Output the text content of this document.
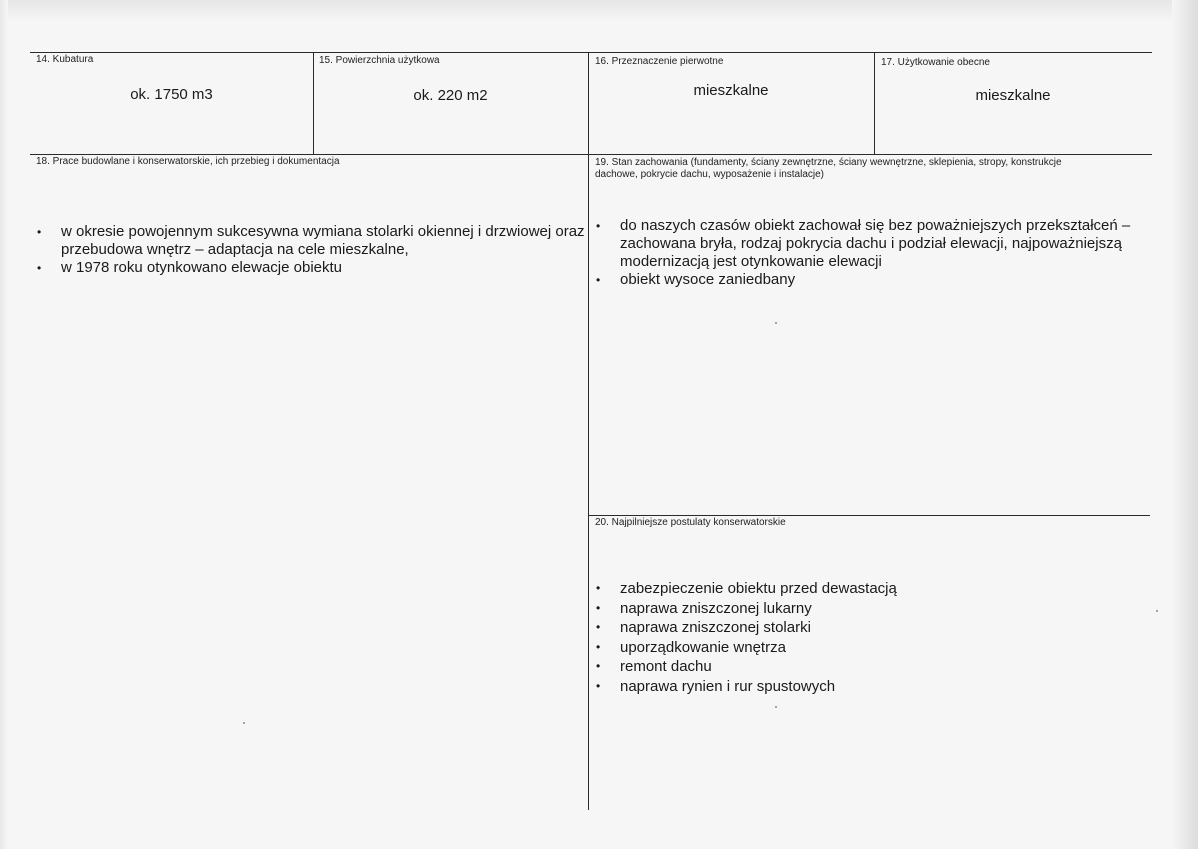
14. Kubatura
ok. 1750 m3
15. Powierzchnia użytkowa
ok. 220 m2
16. Przeznaczenie pierwotne
mieszkalne
17. Użytkowanie obecne
mieszkalne
18. Prace budowlane i konserwatorskie, ich przebieg i dokumentacja
• w okresie powojennym sukcesywna wymiana stolarki okiennej i drzwiowej oraz przebudowa wnętrz – adaptacja na cele mieszkalne,
• w 1978 roku otynkowano elewacje obiektu
19. Stan zachowania (fundamenty, ściany zewnętrzne, ściany wewnętrzne, sklepienia, stropy, konstrukcje dachowe, pokrycie dachu, wyposażenie i instalacje)
• do naszych czasów obiekt zachował się bez poważniejszych przekształceń – zachowana bryła, rodzaj pokrycia dachu i podział elewacji, najpoważniejszą modernizacją jest otynkowanie elewacji
• obiekt wysoce zaniedbany
20. Najpilniejsze postulaty konserwatorskie
• zabezpieczenie obiektu przed dewastacją
• naprawa zniszczonej lukarny
• naprawa zniszczonej stolarki
• uporządkowanie wnętrza
• remont dachu
• naprawa rynien i rur spustowych
